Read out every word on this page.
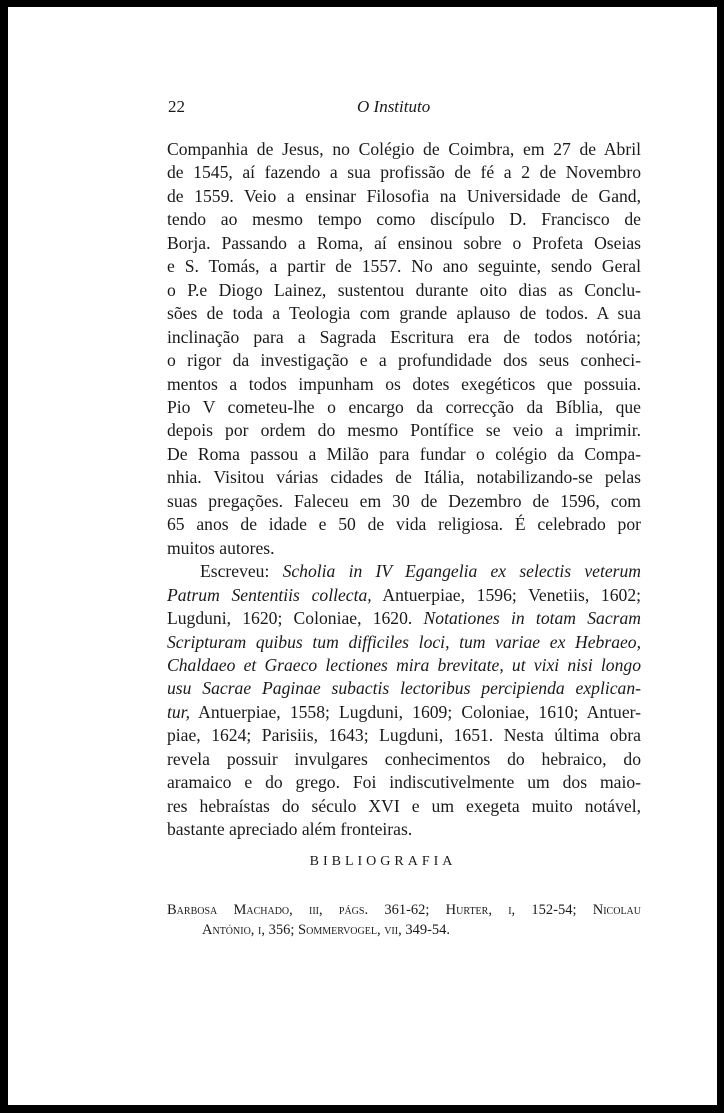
22	O Instituto

Companhia de Jesus, no Colégio de Coimbra, em 27 de Abril
de 1545, aí fazendo a sua profissão de fé a 2 de Novembro
de 1559. Veio a ensinar Filosofia na Universidade de Gand,
tendo ao mesmo tempo como discípulo D. Francisco de
Borja. Passando a Roma, aí ensinou sobre o Profeta Oseias
e S. Tomás, a partir de 1557. No ano seguinte, sendo Geral
o P.e Diogo Lainez, sustentou durante oito dias as Conclu-
sões de toda a Teologia com grande aplauso de todos. A sua
inclinação para a Sagrada Escritura era de todos notória;
o rigor da investigação e a profundidade dos seus conheci-
mentos a todos impunham os dotes exegéticos que possuia.
Pio V cometeu-lhe o encargo da correcção da Bíblia, que
depois por ordem do mesmo Pontífice se veio a imprimir.
De Roma passou a Milão para fundar o colégio da Compa-
nhia. Visitou várias cidades de Itália, notabilizando-se pelas
suas pregações. Faleceu em 30 de Dezembro de 1596, com
65 anos de idade e 50 de vida religiosa. É celebrado por
muitos autores.

Escreveu: Scholia in IV Egangelia ex selectis veterum
Patrum Sententiis collecta, Antuerpiae, 1596; Venetiis, 1602;
Lugduni, 1620; Coloniae, 1620. Notationes in totam Sacram
Scripturam quibus tum difficiles loci, tum variae ex Hebraeo,
Chaldaeo et Graeco lectiones mira brevitate, ut vixi nisi longo
usu Sacrae Paginae subactis lectoribus percipienda explican-
tur, Antuerpiae, 1558; Lugduni, 1609; Coloniae, 1610; Antuer-
piae, 1624; Parisiis, 1643; Lugduni, 1651. Nesta última obra
revela possuir invulgares conhecimentos do hebraico, do
aramaico e do grego. Foi indiscutivelmente um dos maio-
res hebraístas do século XVI e um exegeta muito notável,
bastante apreciado além fronteiras.

BIBLIOGRAFIA
Barbosa Machado, iii, págs. 361-62; Hurter, i, 152-54; Nicolau
António, i, 356; Sommervogel, vii, 349-54.
